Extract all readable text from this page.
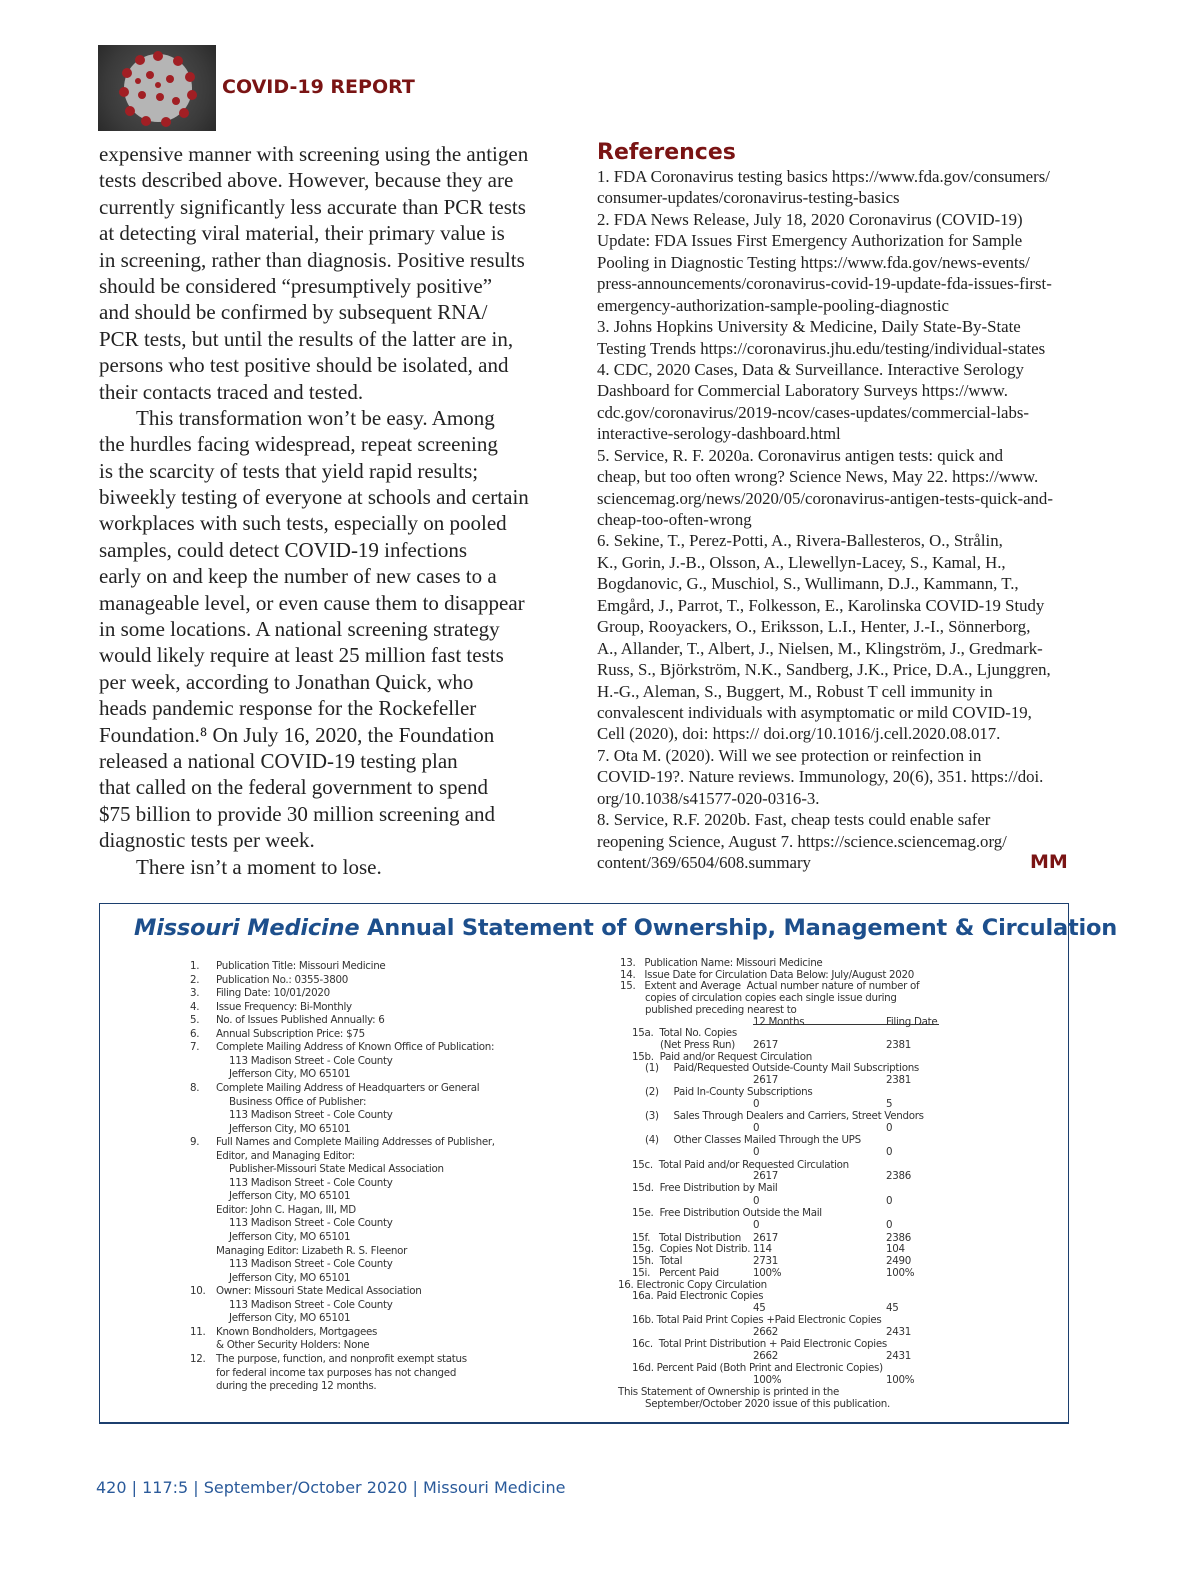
COVID-19 REPORT
expensive manner with screening using the antigen
tests described above. However, because they are
currently significantly less accurate than PCR tests
at detecting viral material, their primary value is
in screening, rather than diagnosis. Positive results
should be considered “presumptively positive”
and should be confirmed by subsequent RNA/
PCR tests, but until the results of the latter are in,
persons who test positive should be isolated, and
their contacts traced and tested.
This transformation won’t be easy. Among
the hurdles facing widespread, repeat screening
is the scarcity of tests that yield rapid results;
biweekly testing of everyone at schools and certain
workplaces with such tests, especially on pooled
samples, could detect COVID-19 infections
early on and keep the number of new cases to a
manageable level, or even cause them to disappear
in some locations. A national screening strategy
would likely require at least 25 million fast tests
per week, according to Jonathan Quick, who
heads pandemic response for the Rockefeller
Foundation.⁸ On July 16, 2020, the Foundation
released a national COVID-19 testing plan
that called on the federal government to spend
$75 billion to provide 30 million screening and
diagnostic tests per week.
There isn’t a moment to lose.
References
1. FDA Coronavirus testing basics https://www.fda.gov/consumers/
consumer-updates/coronavirus-testing-basics
2. FDA News Release, July 18, 2020 Coronavirus (COVID-19)
Update: FDA Issues First Emergency Authorization for Sample
Pooling in Diagnostic Testing https://www.fda.gov/news-events/
press-announcements/coronavirus-covid-19-update-fda-issues-first-
emergency-authorization-sample-pooling-diagnostic
3. Johns Hopkins University & Medicine, Daily State-By-State
Testing Trends https://coronavirus.jhu.edu/testing/individual-states
4. CDC, 2020 Cases, Data & Surveillance. Interactive Serology
Dashboard for Commercial Laboratory Surveys https://www.
cdc.gov/coronavirus/2019-ncov/cases-updates/commercial-labs-
interactive-serology-dashboard.html
5. Service, R. F. 2020a. Coronavirus antigen tests: quick and
cheap, but too often wrong? Science News, May 22. https://www.
sciencemag.org/news/2020/05/coronavirus-antigen-tests-quick-and-
cheap-too-often-wrong
6. Sekine, T., Perez-Potti, A., Rivera-Ballesteros, O., Strålin,
K., Gorin, J.-B., Olsson, A., Llewellyn-Lacey, S., Kamal, H.,
Bogdanovic, G., Muschiol, S., Wullimann, D.J., Kammann, T.,
Emgård, J., Parrot, T., Folkesson, E., Karolinska COVID-19 Study
Group, Rooyackers, O., Eriksson, L.I., Henter, J.-I., Sönnerborg,
A., Allander, T., Albert, J., Nielsen, M., Klingström, J., Gredmark-
Russ, S., Björkström, N.K., Sandberg, J.K., Price, D.A., Ljunggren,
H.-G., Aleman, S., Buggert, M., Robust T cell immunity in
convalescent individuals with asymptomatic or mild COVID-19,
Cell (2020), doi: https:// doi.org/10.1016/j.cell.2020.08.017.
7. Ota M. (2020). Will we see protection or reinfection in
COVID-19?. Nature reviews. Immunology, 20(6), 351. https://doi.
org/10.1038/s41577-020-0316-3.
8. Service, R.F. 2020b. Fast, cheap tests could enable safer
reopening Science, August 7. https://science.sciencemag.org/
content/369/6504/608.summary	MM
Missouri Medicine Annual Statement of Ownership, Management & Circulation
1. Publication Title: Missouri Medicine
2. Publication No.: 0355-3800
3. Filing Date: 10/01/2020
4. Issue Frequency: Bi-Monthly
5. No. of Issues Published Annually: 6
6. Annual Subscription Price: $75
7. Complete Mailing Address of Known Office of Publication:
113 Madison Street - Cole County
Jefferson City, MO 65101
8. Complete Mailing Address of Headquarters or General
Business Office of Publisher:
113 Madison Street - Cole County
Jefferson City, MO 65101
9. Full Names and Complete Mailing Addresses of Publisher,
Editor, and Managing Editor:
Publisher-Missouri State Medical Association
113 Madison Street - Cole County
Jefferson City, MO 65101
Editor: John C. Hagan, III, MD
113 Madison Street - Cole County
Jefferson City, MO 65101
Managing Editor: Lizabeth R. S. Fleenor
113 Madison Street - Cole County
Jefferson City, MO 65101
10. Owner: Missouri State Medical Association
113 Madison Street - Cole County
Jefferson City, MO 65101
11. Known Bondholders, Mortgagees
& Other Security Holders: None
12. The purpose, function, and nonprofit exempt status
for federal income tax purposes has not changed
during the preceding 12 months.
13.   Publication Name: Missouri Medicine
14.   Issue Date for Circulation Data Below: July/August 2020
15.   Extent and Average  Actual number nature of number of
copies of circulation copies each single issue during
published preceding nearest to
12 Months	Filing Date
15a.  Total No. Copies
(Net Press Run) 2617	2381
15b.  Paid and/or Request Circulation
(1)     Paid/Requested Outside-County Mail Subscriptions
2617	2381
(2)     Paid In-County Subscriptions
0	5
(3)     Sales Through Dealers and Carriers, Street Vendors
0	0
(4)     Other Classes Mailed Through the UPS
0	0
15c.  Total Paid and/or Requested Circulation
2617	2386
15d.  Free Distribution by Mail
0	0
15e.  Free Distribution Outside the Mail
0	0
15f.   Total Distribution 2617	2386
15g.  Copies Not Distrib. 114	104
15h.  Total	2731	2490
15i.   Percent Paid	100%	100%
16. Electronic Copy Circulation
16a. Paid Electronic Copies
45	45
16b. Total Paid Print Copies +Paid Electronic Copies
2662	2431
16c.  Total Print Distribution + Paid Electronic Copies
2662	2431
16d. Percent Paid (Both Print and Electronic Copies)
100%	100%
This Statement of Ownership is printed in the
September/October 2020 issue of this publication.
420 | 117:5 | September/October 2020 | Missouri Medicine
